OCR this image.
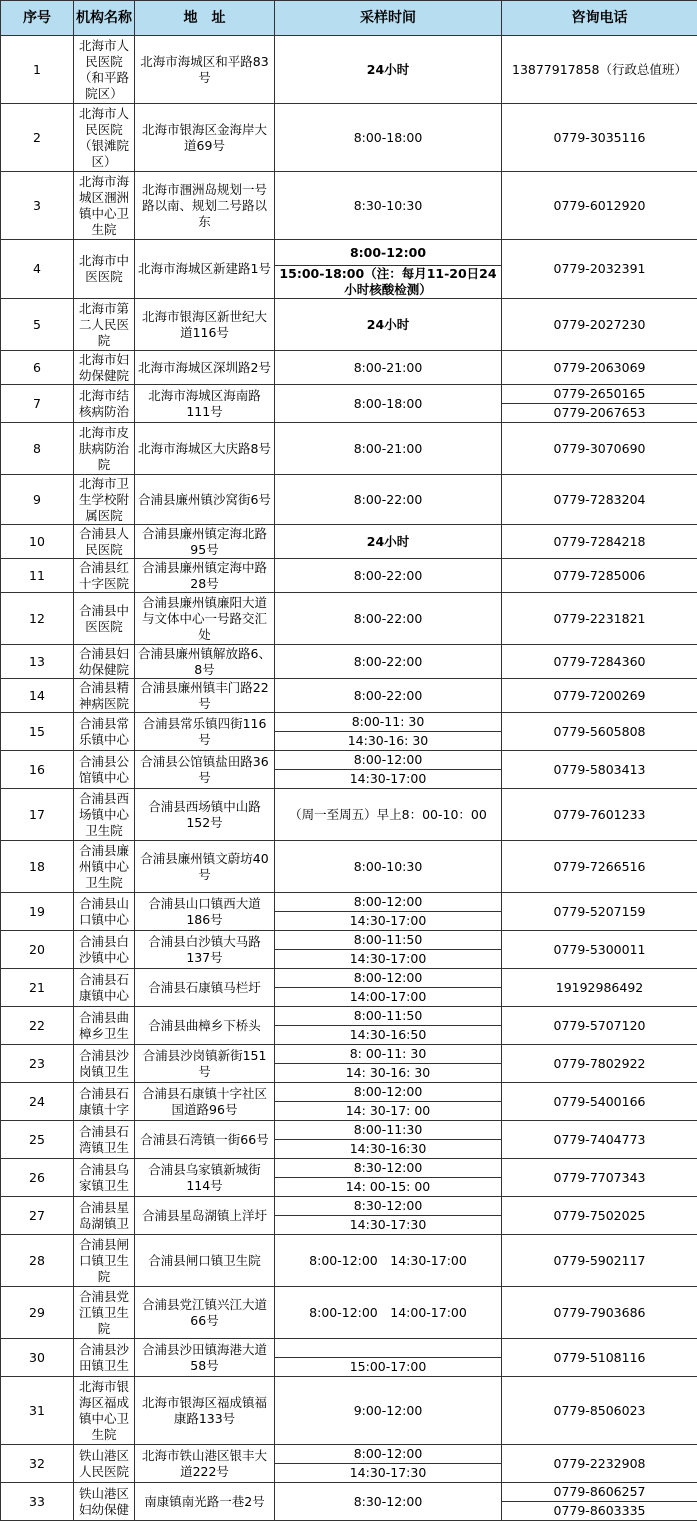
序号	机构名称	地　址	采样时间	咨询电话
1	北海市人民医院（和平路院区）	北海市海城区和平路83号	24小时	13877917858（行政总值班）

2	北海市人民医院（银滩院区）	北海市银海区金海岸大道69号	8:00-18:00	0779-3035116

3	北海市海城区涠洲镇中心卫生院	北海市涠洲岛规划一号路以南、规划二号路以东	8:30-10:30	0779-6012920

4	北海市中医医院	北海市海城区新建路1号	8:00-12:00
15:00-18:00（注：每月11-20日24小时核酸检测）	0779-2032391

5	北海市第二人民医院	北海市银海区新世纪大道116号	24小时	0779-2027230

6	北海市妇幼保健院	北海市海城区深圳路2号	8:00-21:00	0779-2063069

7	北海市结核病防治	北海市海城区海南路111号	8:00-18:00	0779-2650165
0779-2067653

8	北海市皮肤病防治院	北海市海城区大庆路8号	8:00-21:00	0779-3070690

9	北海市卫生学校附属医院	合浦县廉州镇沙窝街6号	8:00-22:00	0779-7283204

10	合浦县人民医院	合浦县廉州镇定海北路95号	24小时	0779-7284218

11	合浦县红十字医院	合浦县廉州镇定海中路28号	8:00-22:00	0779-7285006

12	合浦县中医医院	合浦县廉州镇廉阳大道与文体中心一号路交汇处	8:00-22:00	0779-2231821

13	合浦县妇幼保健院	合浦县廉州镇解放路6、8号	8:00-22:00	0779-7284360

14	合浦县精神病医院	合浦县廉州镇丰门路22号	8:00-22:00	0779-7200269

15	合浦县常乐镇中心	合浦县常乐镇四街116号	8:00-11: 30
14:30-16: 30	0779-5605808

16	合浦县公馆镇中心	合浦县公馆镇盐田路36号	8:00-12:00
14:30-17:00	0779-5803413

17	合浦县西场镇中心卫生院	合浦县西场镇中山路152号	（周一至周五）早上8：00-10：00	0779-7601233

18	合浦县廉州镇中心卫生院	合浦县廉州镇文蔚坊40号	8:00-10:30	0779-7266516

19	合浦县山口镇中心	合浦县山口镇西大道186号	8:00-12:00
14:30-17:00	0779-5207159

20	合浦县白沙镇中心	合浦县白沙镇大马路137号	8:00-11:50
14:30-17:00	0779-5300011

21	合浦县石康镇中心	合浦县石康镇马栏圩	8:00-12:00
14:00-17:00	19192986492

22	合浦县曲樟乡卫生	合浦县曲樟乡下桥头	8:00-11:50
14:30-16:50	0779-5707120

23	合浦县沙岗镇卫生	合浦县沙岗镇新街151号	8: 00-11: 30
14: 30-16: 30	0779-7802922

24	合浦县石康镇十字	合浦县石康镇十字社区国道路96号	8:00-12:00
14: 30-17: 00	0779-5400166

25	合浦县石湾镇卫生	合浦县石湾镇一街66号	8:00-11:30
14:30-16:30	0779-7404773

26	合浦县乌家镇卫生	合浦县乌家镇新城街114号	8:30-12:00
14: 00-15: 00	0779-7707343

27	合浦县星岛湖镇卫	合浦县星岛湖镇上洋圩	8:30-12:00
14:30-17:30	0779-7502025

28	合浦县闸口镇卫生院	合浦县闸口镇卫生院	8:00-12:00　14:30-17:00	0779-5902117

29	合浦县党江镇卫生院	合浦县党江镇兴江大道66号	8:00-12:00　14:00-17:00	0779-7903686

30	合浦县沙田镇卫生	合浦县沙田镇海港大道58号	15:00-17:00	0779-5108116

31	北海市银海区福成镇中心卫生院	北海市银海区福成镇福康路133号	9:00-12:00	0779-8506023

32	铁山港区人民医院	北海市铁山港区银丰大道222号	8:00-12:00
14:30-17:30	0779-2232908

33	铁山港区妇幼保健	南康镇南光路一巷2号	8:30-12:00	0779-8606257
0779-8603335
